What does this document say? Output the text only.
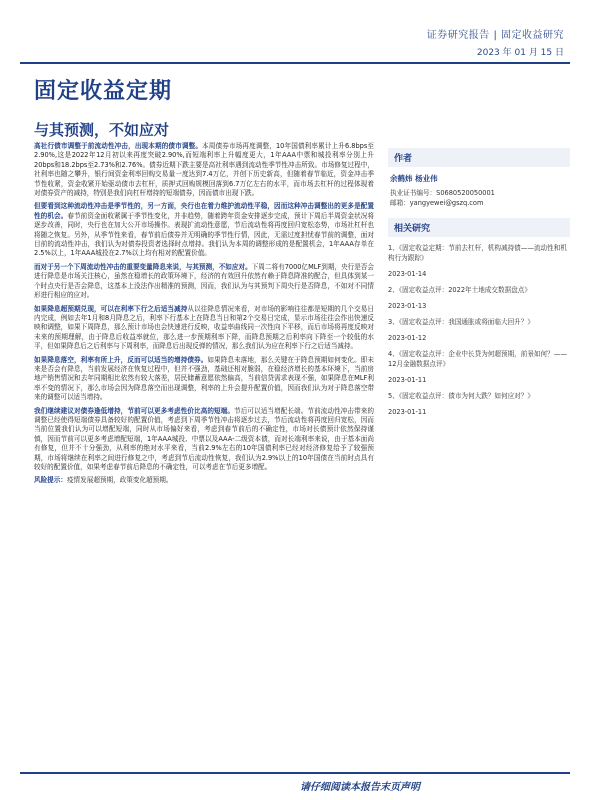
证券研究报告 | 固定收益研究
2023 年 01 月 15 日
固定收益定期
与其预测，不如应对

高社行债市调整于前流动性冲击，出现本期的债市调整。本周债券市场再度调整，10年国债利率累计上升6.8bps至2.90%,这是2022年12月初以来再度突破2.90%,而短端利率上升幅度更大，1年AAA中票和城投利率分别上升20bps和18.2bps至2.73%和2.76%。债券近期下跌主要是高社利率遇到流动性季节性冲击所致。市场修复过程中，社利率也随之攀升，银行间资金利率回购交易量一度达到7.4万亿，并创下历史新高，但随着春节临近，资金冲击季节性收紧，资金收紧开始驱动债市去杠杆，质押式回购规模回落到6.7万亿左右的水平，而市场去杠杆的过程体现着对债券资产的减持，特别是我们向杠杆增持的短端债券，因而债市出现下跌。

但要看到这种流动性冲击是季节性的，另一方面，央行也在着力维护流动性平稳，因而这种冲击调整出的更多是配置性的机会。春节前资金面收紧属于季节性变化，并非趋势，随着跨年资金安排逐步完成，预计下周后半周资金状况将逐步改善，同时，央行也在加大公开市场操作。表现扩流动性意愿，节后流动性将再度回归宽松态势，市场社杠杆也将随之恢复。另外，从季节性来看，春节前后债券并无明确的季节性行情，因此，无需过度担忧春节前的调整，面对目前的流动性冲击，我们认为对债券投资者选择时点增持。我们认为本周的调整形成的是配置机会，1年AAA存单在2.5%以上，1年AAA城投在2.7%以上均有相对的配置价值。

而对于另一个下周流动性冲击的重要变量降息来说，与其预测，不如应对。下周二将有7000亿MLF到期，央行是否会进行降息是市场关注核心，虽然在稳增长的政策环境下，经济的有效回升依然有赖于降息降准的配合，但具体到某一个时点央行是否会降息，这基本上没法作出精准的预测，因而，我们认为与其预判下周央行是否降息，不如对不同情形进行相应的应对。

如果降息超预期兑现，可以在利率下行之后适当减持从以往降息情况来看，对市场的影响往往都是短期的几个交易日内完成，例如去年1月和8月降息之后，利率下行基本上在降息当日和第2个交易日完成，显示市场往往会作出快速反映和调整，如果下周降息，那么预计市场也会快速进行反映，收益率曲线同一次性向下平移，而后市场将再度反映对未来的预期理解，由于降息后收益率就位，那么进一步预期利率下降，而降息预期之后利率向下降至一个较低的水平，但如果降息后之后利率与下周利率，而降息后出现反弹的情况，那么我们认为应在利率下行之后适当减持。

如果降息落空，利率有所上升，反而可以适当的增持债券。如果降息未落地，那么关键在于降息预期如何变化。即未来是否会有降息，当前发展经济在恢复过程中，但并不强劲，基础还相对脆弱，在稳经济增长的基本环境下，当前房地产销售情况和去年同期相比依然有较大落差，居民储蓄意愿依然偏高，当前信贷需求表现不强，如果降息在MLF利率不变的情况下，那么市场会因为降息落空而出现调整，利率的上升会提升配置价值，因而我们认为对于降息落空带来的调整可以适当增持。

我们继续建议对债券逢低增持，节前可以更多考虑性价比高的短端。节后可以适当增配长端。节前流动性冲击带来的调整已经使得短端债券具备较好的配置价值，考虑到下周季节性冲击将逐步过去，节后流动性将再度回归宽松，因而当前位置我们认为可以增配短端，同时从市场偏好来看，考虑到春节前后的不确定性，市场对长债预计依然保持谨慎，因而节前可以更多考虑增配短端，1年AAA城投、中票以及AAA-二级资本债，而对长端利率来说，由于基本面尚有修复，但并不十分强劲，从利率的绝对水平来看，当前2.9%左右的10年国债利率已经对经济修复给予了较强预期，市场将继续在利率之间进行修复之中，考虑到节后流动性恢复，我们认为2.9%以上的10年国债在当前时点具有较好的配置价值，如果考虑春节前后降息的不确定性，可以考虑在节后更多增配。

风险提示：疫情发展超预期，政策变化超预期。

作者
余鹤炜 杨业伟
执业证书编号：S0680520050001
邮箱：yangyewei@gszq.com
相关研究
1、《固定收益定期：节前去杠杆，机构减持债——流动性和机构行为跟踪》
2023-01-14
2、《固定收益点评：2022年土地成交数据盘点》
2023-01-13
3、《固定收益点评：我国通胀或将面临大回升？》
2023-01-12
4、《固定收益点评：企业中长贷为何超预期，前景如何？——12月金融数据点评》
2023-01-11
5、《固定收益点评：债市为何大跌？如何应对？》
2023-01-11
请仔细阅读本报告末页声明
